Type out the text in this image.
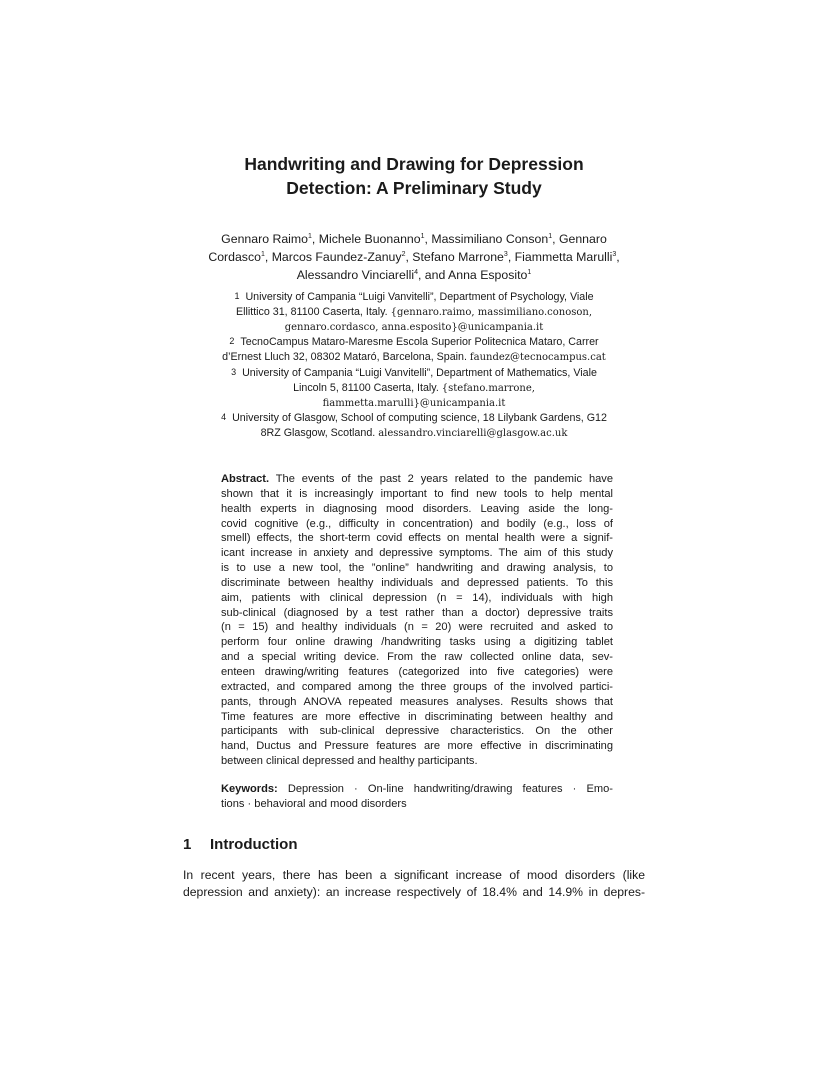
Handwriting and Drawing for Depression
Detection: A Preliminary Study
Gennaro Raimo$^1$, Michele Buonanno$^1$, Massimiliano Conson$^1$, Gennaro
Cordasco$^1$, Marcos Faundez-Zanuy$^2$, Stefano Marrone$^3$, Fiammetta Marulli$^3$,
Alessandro Vinciarelli$^4$, and Anna Esposito$^1$
1 University of Campania “Luigi Vanvitelli”, Department of Psychology, Viale
Ellittico 31, 81100 Caserta, Italy. {gennaro.raimo, massimiliano.conoson,
gennaro.cordasco, anna.esposito}@unicampania.it
2 TecnoCampus Mataro-Maresme Escola Superior Politecnica Mataro, Carrer
d’Ernest Lluch 32, 08302 Mataró, Barcelona, Spain. faundez@tecnocampus.cat
3 University of Campania “Luigi Vanvitelli”, Department of Mathematics, Viale
Lincoln 5, 81100 Caserta, Italy. {stefano.marrone,
fiammetta.marulli}@unicampania.it
4 University of Glasgow, School of computing science, 18 Lilybank Gardens, G12
8RZ Glasgow, Scotland. alessandro.vinciarelli@glasgow.ac.uk
Abstract. The events of the past 2 years related to the pandemic have
shown that it is increasingly important to find new tools to help mental
health experts in diagnosing mood disorders. Leaving aside the long-
covid cognitive (e.g., difficulty in concentration) and bodily (e.g., loss of
smell) effects, the short-term covid effects on mental health were a signif-
icant increase in anxiety and depressive symptoms. The aim of this study
is to use a new tool, the ”online” handwriting and drawing analysis, to
discriminate between healthy individuals and depressed patients. To this
aim, patients with clinical depression (n = 14), individuals with high
sub-clinical (diagnosed by a test rather than a doctor) depressive traits
(n = 15) and healthy individuals (n = 20) were recruited and asked to
perform four online drawing /handwriting tasks using a digitizing tablet
and a special writing device. From the raw collected online data, sev-
enteen drawing/writing features (categorized into five categories) were
extracted, and compared among the three groups of the involved partici-
pants, through ANOVA repeated measures analyses. Results shows that
Time features are more effective in discriminating between healthy and
participants with sub-clinical depressive characteristics. On the other
hand, Ductus and Pressure features are more effective in discriminating
between clinical depressed and healthy participants.
Keywords: Depression · On-line handwriting/drawing features · Emo-
tions · behavioral and mood disorders
1 Introduction
In recent years, there has been a significant increase of mood disorders (like
depression and anxiety): an increase respectively of 18.4% and 14.9% in depres-
